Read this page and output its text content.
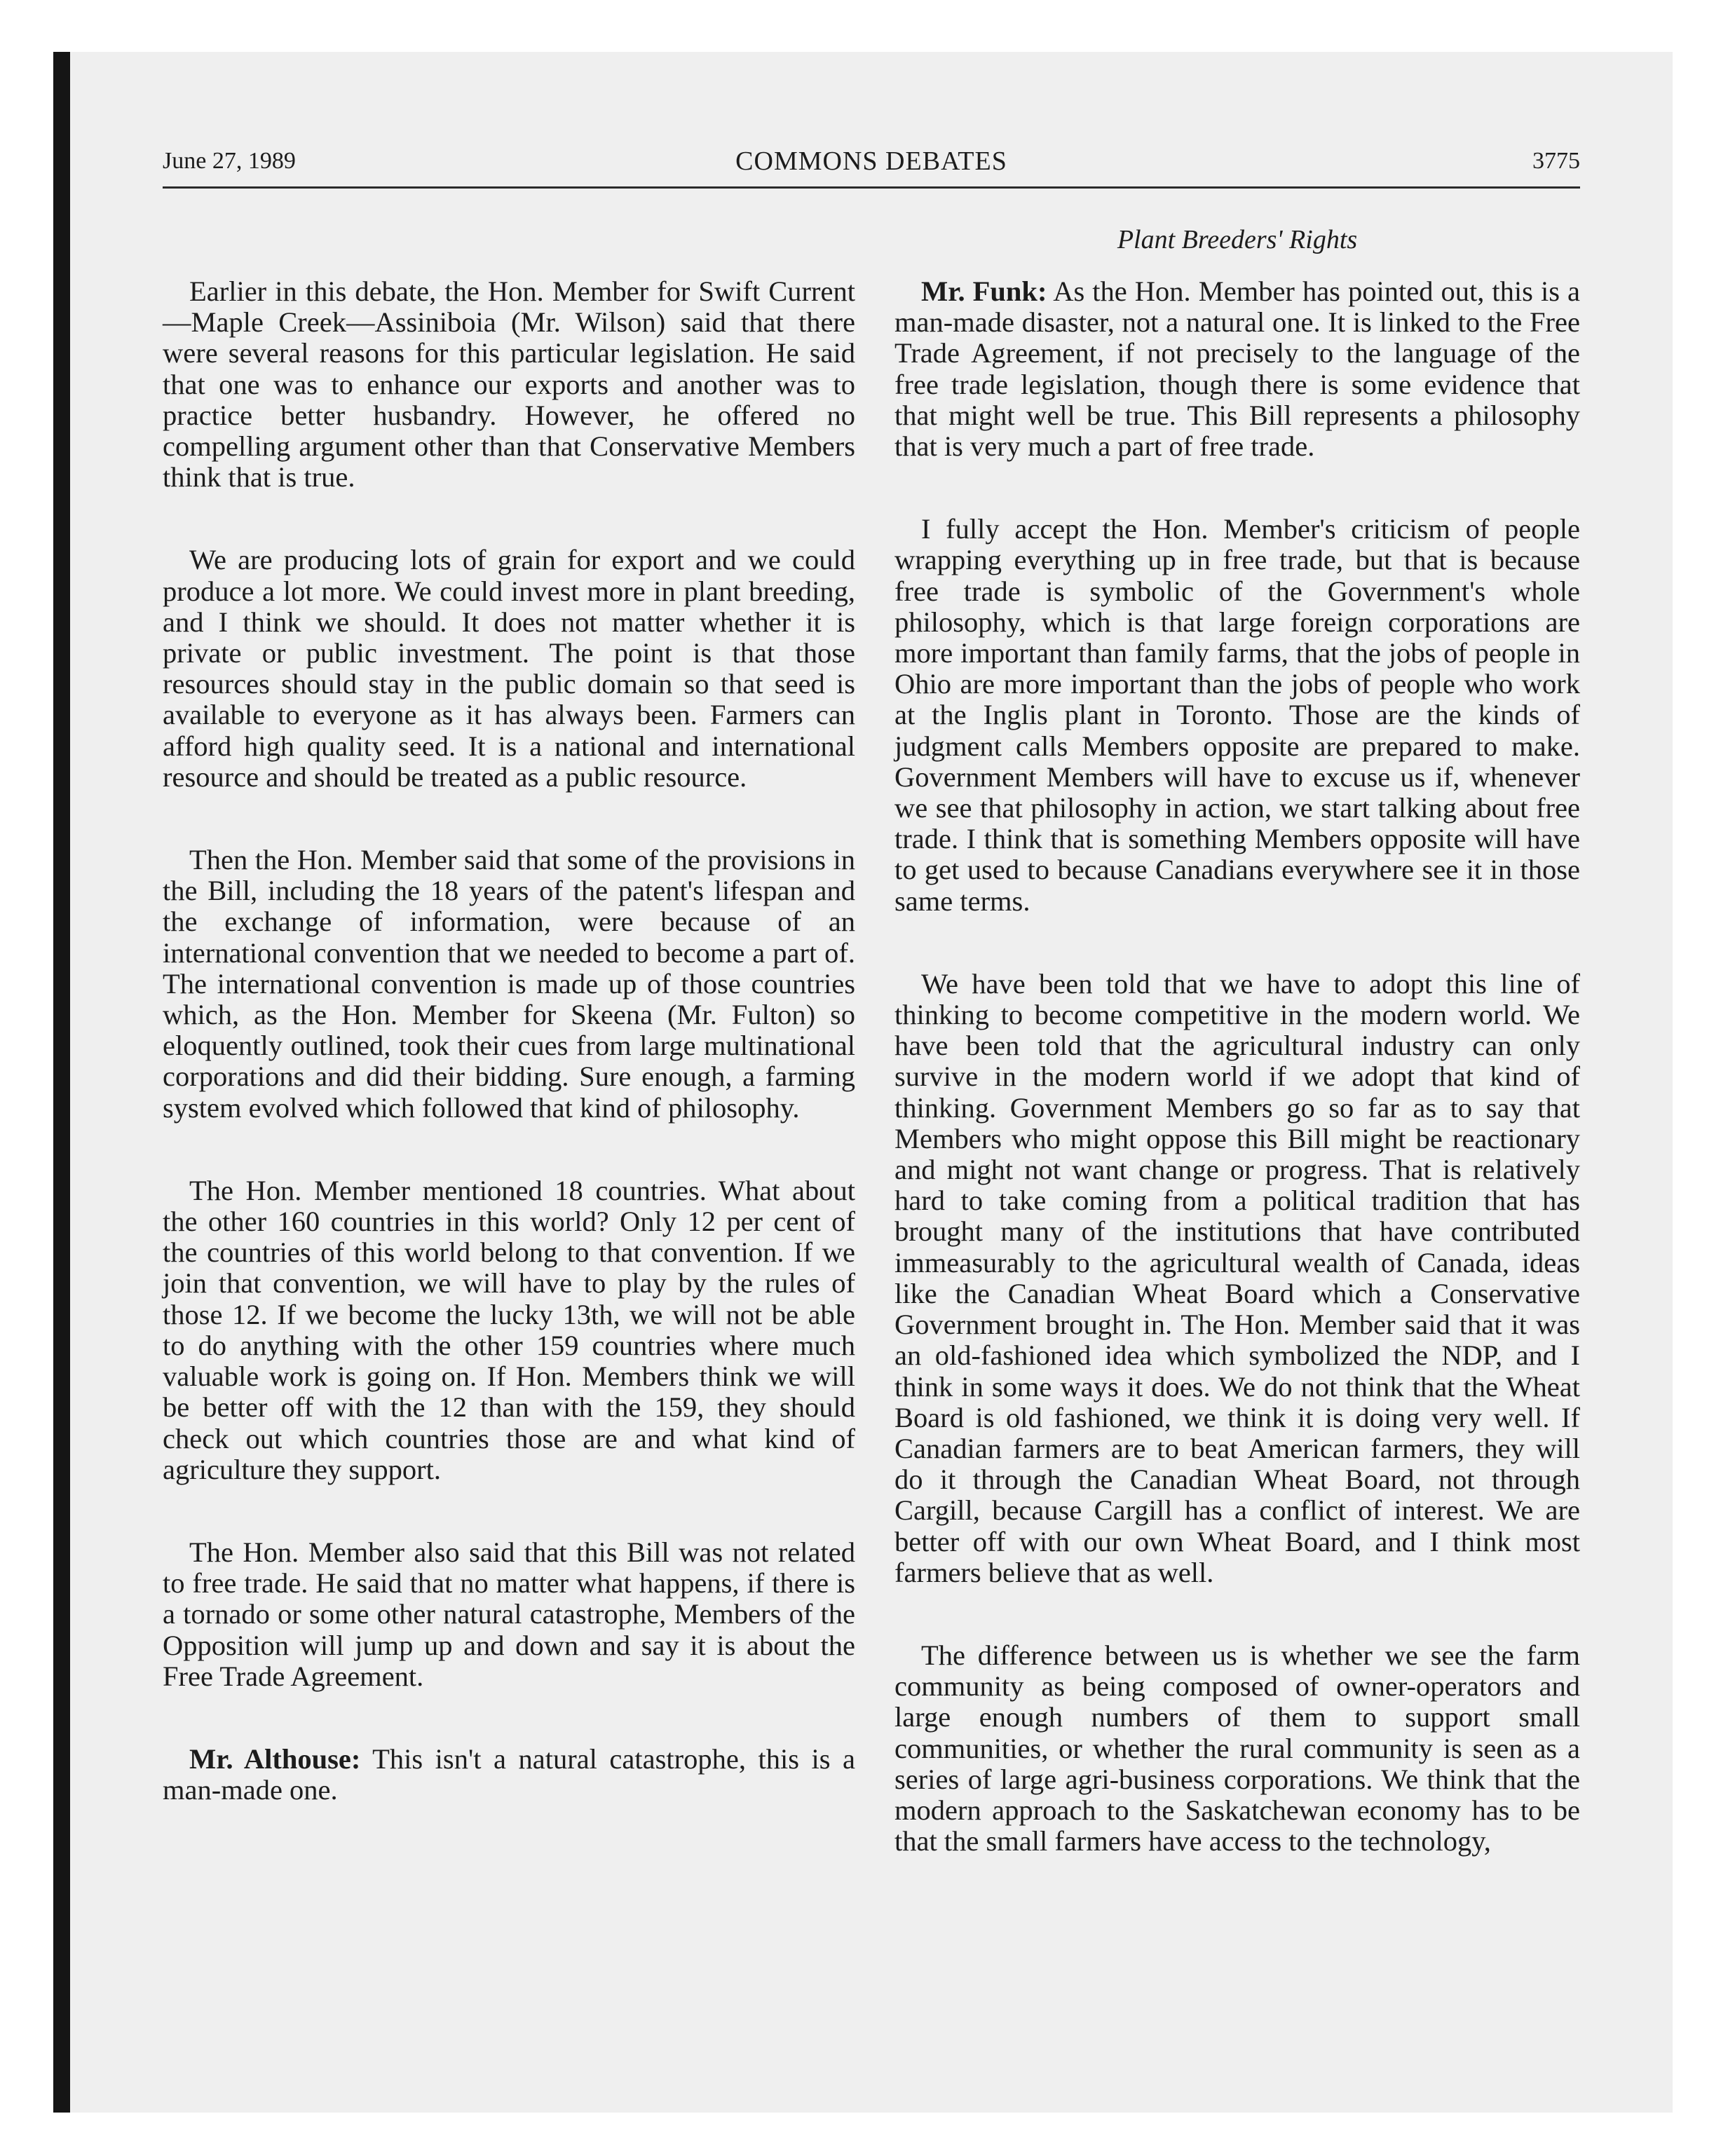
June 27, 1989	COMMONS DEBATES	3775
Plant Breeders' Rights

Earlier in this debate, the Hon. Member for Swift Current—Maple Creek—Assiniboia (Mr. Wilson) said that there were several reasons for this particular legislation. He said that one was to enhance our exports and another was to practice better husbandry. However, he offered no compelling argument other than that Conservative Members think that is true.

We are producing lots of grain for export and we could produce a lot more. We could invest more in plant breeding, and I think we should. It does not matter whether it is private or public investment. The point is that those resources should stay in the public domain so that seed is available to everyone as it has always been. Farmers can afford high quality seed. It is a national and international resource and should be treated as a public resource.

Then the Hon. Member said that some of the provisions in the Bill, including the 18 years of the patent's lifespan and the exchange of information, were because of an international convention that we needed to become a part of. The international convention is made up of those countries which, as the Hon. Member for Skeena (Mr. Fulton) so eloquently outlined, took their cues from large multinational corporations and did their bidding. Sure enough, a farming system evolved which followed that kind of philosophy.

The Hon. Member mentioned 18 countries. What about the other 160 countries in this world? Only 12 per cent of the countries of this world belong to that convention. If we join that convention, we will have to play by the rules of those 12. If we become the lucky 13th, we will not be able to do anything with the other 159 countries where much valuable work is going on. If Hon. Members think we will be better off with the 12 than with the 159, they should check out which countries those are and what kind of agriculture they support.

The Hon. Member also said that this Bill was not related to free trade. He said that no matter what happens, if there is a tornado or some other natural catastrophe, Members of the Opposition will jump up and down and say it is about the Free Trade Agreement.

Mr. Althouse: This isn't a natural catastrophe, this is a man-made one.

Mr. Funk: As the Hon. Member has pointed out, this is a man-made disaster, not a natural one. It is linked to the Free Trade Agreement, if not precisely to the language of the free trade legislation, though there is some evidence that that might well be true. This Bill represents a philosophy that is very much a part of free trade.

I fully accept the Hon. Member's criticism of people wrapping everything up in free trade, but that is because free trade is symbolic of the Government's whole philosophy, which is that large foreign corporations are more important than family farms, that the jobs of people in Ohio are more important than the jobs of people who work at the Inglis plant in Toronto. Those are the kinds of judgment calls Members opposite are prepared to make. Government Members will have to excuse us if, whenever we see that philosophy in action, we start talking about free trade. I think that is something Members opposite will have to get used to because Canadians everywhere see it in those same terms.

We have been told that we have to adopt this line of thinking to become competitive in the modern world. We have been told that the agricultural industry can only survive in the modern world if we adopt that kind of thinking. Government Members go so far as to say that Members who might oppose this Bill might be reactionary and might not want change or progress. That is relatively hard to take coming from a political tradition that has brought many of the institutions that have contributed immeasurably to the agricultural wealth of Canada, ideas like the Canadian Wheat Board which a Conservative Government brought in. The Hon. Member said that it was an old-fashioned idea which symbolized the NDP, and I think in some ways it does. We do not think that the Wheat Board is old fashioned, we think it is doing very well. If Canadian farmers are to beat American farmers, they will do it through the Canadian Wheat Board, not through Cargill, because Cargill has a conflict of interest. We are better off with our own Wheat Board, and I think most farmers believe that as well.

The difference between us is whether we see the farm community as being composed of owner-operators and large enough numbers of them to support small communities, or whether the rural community is seen as a series of large agri-business corporations. We think that the modern approach to the Saskatchewan economy has to be that the small farmers have access to the technology,
